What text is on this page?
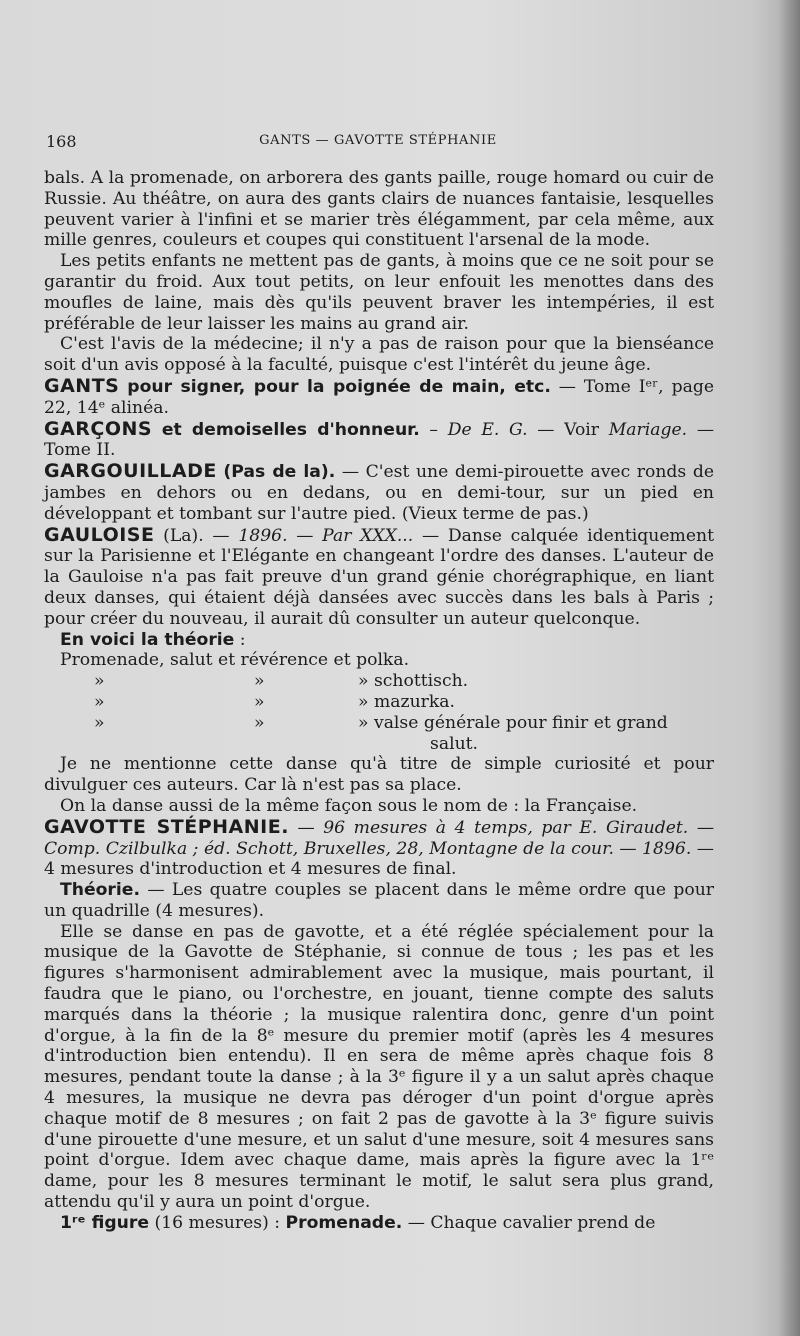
168	GANTS — GAVOTTE STÉPHANIE

bals. A la promenade, on arborera des gants paille, rouge homard ou cuir de Russie. Au théâtre, on aura des gants clairs de nuances fantaisie, lesquelles peuvent varier à l'infini et se marier très élégamment, par cela même, aux mille genres, couleurs et coupes qui constituent l'arsenal de la mode.

Les petits enfants ne mettent pas de gants, à moins que ce ne soit pour se garantir du froid. Aux tout petits, on leur enfouit les menottes dans des moufles de laine, mais dès qu'ils peuvent braver les intempéries, il est préférable de leur laisser les mains au grand air.

C'est l'avis de la médecine; il n'y a pas de raison pour que la bienséance soit d'un avis opposé à la faculté, puisque c'est l'intérêt du jeune âge.

GANTS pour signer, pour la poignée de main, etc. — Tome Iᵉʳ, page 22, 14ᵉ alinéa.

GARÇONS et demoiselles d'honneur. – De E. G. — Voir Mariage. — Tome II.

GARGOUILLADE (Pas de la). — C'est une demi-pirouette avec ronds de jambes en dehors ou en dedans, ou en demi-tour, sur un pied en développant et tombant sur l'autre pied. (Vieux terme de pas.)

GAULOISE (La). — 1896. — Par XXX... — Danse calquée identiquement sur la Parisienne et l'Elégante en changeant l'ordre des danses. L'auteur de la Gauloise n'a pas fait preuve d'un grand génie chorégraphique, en liant deux danses, qui étaient déjà dansées avec succès dans les bals à Paris ; pour créer du nouveau, il aurait dû consulter un auteur quelconque.

En voici la théorie :

Promenade, salut et révérence et polka.

»	»	» schottisch.
»	»	» mazurka.
»	»	» valse générale pour finir et grand

salut.

Je ne mentionne cette danse qu'à titre de simple curiosité et pour divulguer ces auteurs. Car là n'est pas sa place.

On la danse aussi de la même façon sous le nom de : la Française.

GAVOTTE STÉPHANIE. — 96 mesures à 4 temps, par E. Giraudet. — Comp. Czilbulka ; éd. Schott, Bruxelles, 28, Montagne de la cour. — 1896. — 4 mesures d'introduction et 4 mesures de final.

Théorie. — Les quatre couples se placent dans le même ordre que pour un quadrille (4 mesures).

Elle se danse en pas de gavotte, et a été réglée spécialement pour la musique de la Gavotte de Stéphanie, si connue de tous ; les pas et les figures s'harmonisent admirablement avec la musique, mais pourtant, il faudra que le piano, ou l'orchestre, en jouant, tienne compte des saluts marqués dans la théorie ; la musique ralentira donc, genre d'un point d'orgue, à la fin de la 8ᵉ mesure du premier motif (après les 4 mesures d'introduction bien entendu). Il en sera de même après chaque fois 8 mesures, pendant toute la danse ; à la 3ᵉ figure il y a un salut après chaque 4 mesures, la musique ne devra pas déroger d'un point d'orgue après chaque motif de 8 mesures ; on fait 2 pas de gavotte à la 3ᵉ figure suivis d'une pirouette d'une mesure, et un salut d'une mesure, soit 4 mesures sans point d'orgue. Idem avec chaque dame, mais après la figure avec la 1ʳᵉ dame, pour les 8 mesures terminant le motif, le salut sera plus grand, attendu qu'il y aura un point d'orgue.

1ʳᵉ figure (16 mesures) : Promenade. — Chaque cavalier prend de
